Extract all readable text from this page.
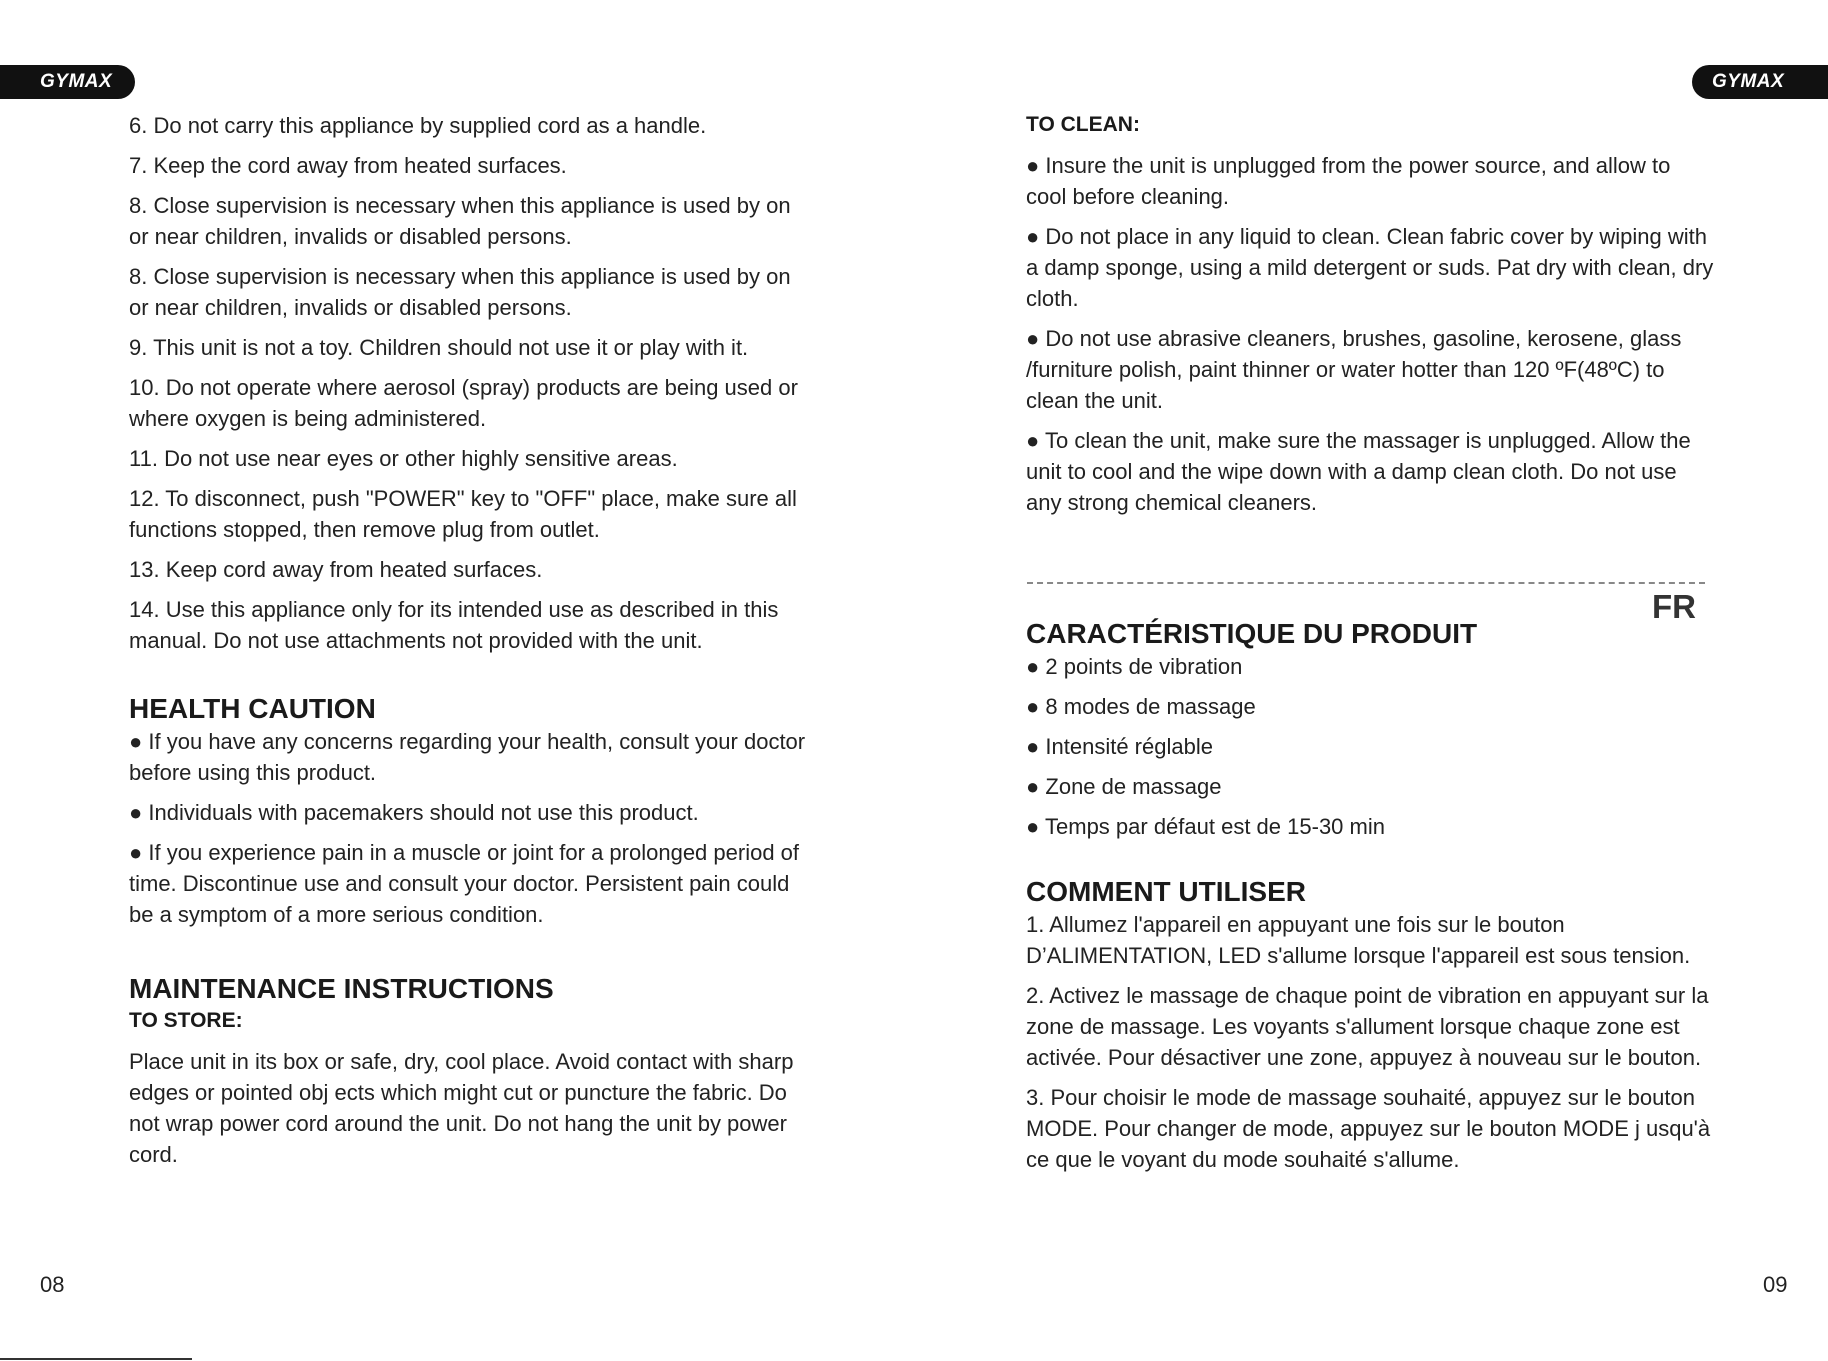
GYMAX	GYMAX

6. Do not carry this appliance by supplied cord as a handle.

7. Keep the cord away from heated surfaces.

8. Close supervision is necessary when this appliance is used by on or near children, invalids or disabled persons.

8. Close supervision is necessary when this appliance is used by on or near children, invalids or disabled persons.

9. This unit is not a toy. Children should not use it or play with it.

10. Do not operate where aerosol (spray) products are being used or where oxygen is being administered.

11. Do not use near eyes or other highly sensitive areas.

12. To disconnect, push "POWER" key to "OFF" place, make sure all functions stopped, then remove plug from outlet.

13. Keep cord away from heated surfaces.

14. Use this appliance only for its intended use as described in this manual. Do not use attachments not provided with the unit.

HEALTH CAUTION

● If you have any concerns regarding your health, consult your doctor before using this product.

● Individuals with pacemakers should not use this product.

● If you experience pain in a muscle or joint for a prolonged period of time. Discontinue use and consult your doctor. Persistent pain could be a symptom of a more serious condition.

MAINTENANCE INSTRUCTIONS
TO STORE:

Place unit in its box or safe, dry, cool place. Avoid contact with sharp edges or pointed obj ects which might cut or puncture the fabric. Do not wrap power cord around the unit. Do not hang the unit by power cord.

TO CLEAN:

● Insure the unit is unplugged from the power source, and allow to cool before cleaning.

● Do not place in any liquid to clean. Clean fabric cover by wiping with a damp sponge, using a mild detergent or suds. Pat dry with clean, dry cloth.

● Do not use abrasive cleaners, brushes, gasoline, kerosene, glass /furniture polish, paint thinner or water hotter than 120 ºF(48ºC) to clean the unit.

● To clean the unit, make sure the massager is unplugged. Allow the unit to cool and the wipe down with a damp clean cloth. Do not use any strong chemical cleaners.

FR
CARACTÉRISTIQUE DU PRODUIT

● 2 points de vibration

● 8 modes de massage

● Intensité réglable

● Zone de massage

● Temps par défaut est de 15-30 min

COMMENT UTILISER

1. Allumez l'appareil en appuyant une fois sur le bouton D’ALIMENTATION, LED s'allume lorsque l'appareil est sous tension.

2. Activez le massage de chaque point de vibration en appuyant sur la zone de massage. Les voyants s'allument lorsque chaque zone est activée. Pour désactiver une zone, appuyez à nouveau sur le bouton.

3. Pour choisir le mode de massage souhaité, appuyez sur le bouton MODE. Pour changer de mode, appuyez sur le bouton MODE j usqu'à ce que le voyant du mode souhaité s'allume.

08	09
